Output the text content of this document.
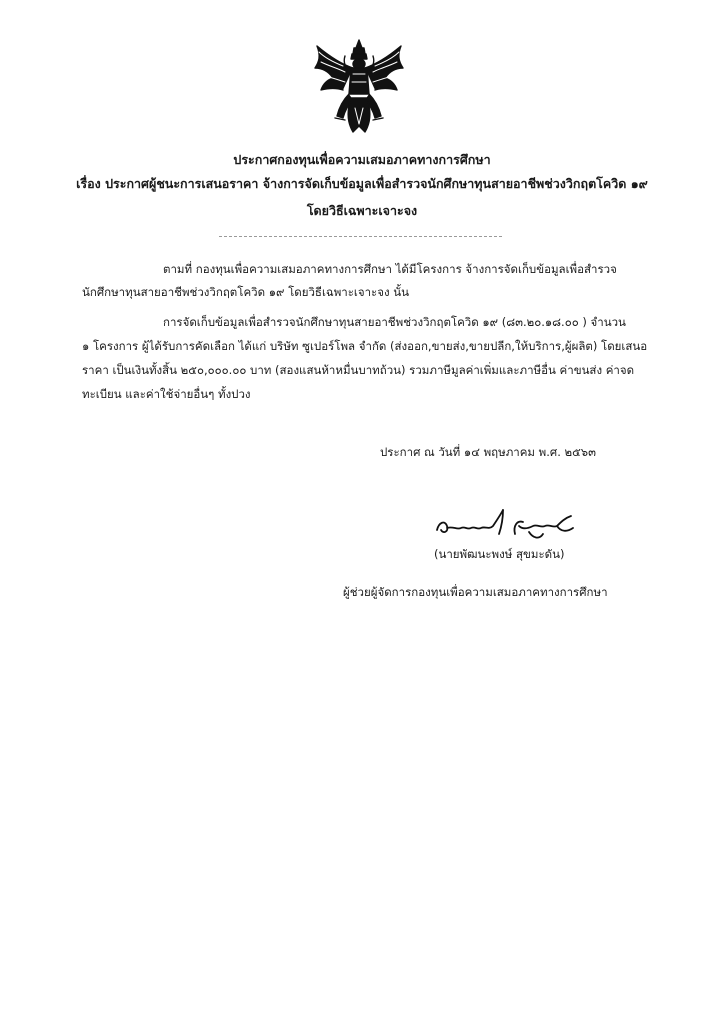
ประกาศกองทุนเพื่อความเสมอภาคทางการศึกษา
เรื่อง ประกาศผู้ชนะการเสนอราคา จ้างการจัดเก็บข้อมูลเพื่อสำรวจนักศึกษาทุนสายอาชีพช่วงวิกฤตโควิด ๑๙
โดยวิธีเฉพาะเจาะจง
ตามที่ กองทุนเพื่อความเสมอภาคทางการศึกษา ได้มีโครงการ จ้างการจัดเก็บข้อมูลเพื่อสำรวจ
นักศึกษาทุนสายอาชีพช่วงวิกฤตโควิด ๑๙ โดยวิธีเฉพาะเจาะจง นั้น
การจัดเก็บข้อมูลเพื่อสำรวจนักศึกษาทุนสายอาชีพช่วงวิกฤตโควิด ๑๙ (๘๓.๒๐.๑๘.๐๐ ) จำนวน
๑ โครงการ ผู้ได้รับการคัดเลือก ได้แก่ บริษัท ซูเปอร์โพล จำกัด (ส่งออก,ขายส่ง,ขายปลีก,ให้บริการ,ผู้ผลิต) โดยเสนอ
ราคา เป็นเงินทั้งสิ้น ๒๕๐,๐๐๐.๐๐ บาท (สองแสนห้าหมื่นบาทถ้วน) รวมภาษีมูลค่าเพิ่มและภาษีอื่น ค่าขนส่ง ค่าจด
ทะเบียน และค่าใช้จ่ายอื่นๆ ทั้งปวง
ประกาศ ณ วันที่ ๑๔ พฤษภาคม พ.ศ. ๒๕๖๓
(นายพัฒนะพงษ์ สุขมะดัน)
ผู้ช่วยผู้จัดการกองทุนเพื่อความเสมอภาคทางการศึกษา
